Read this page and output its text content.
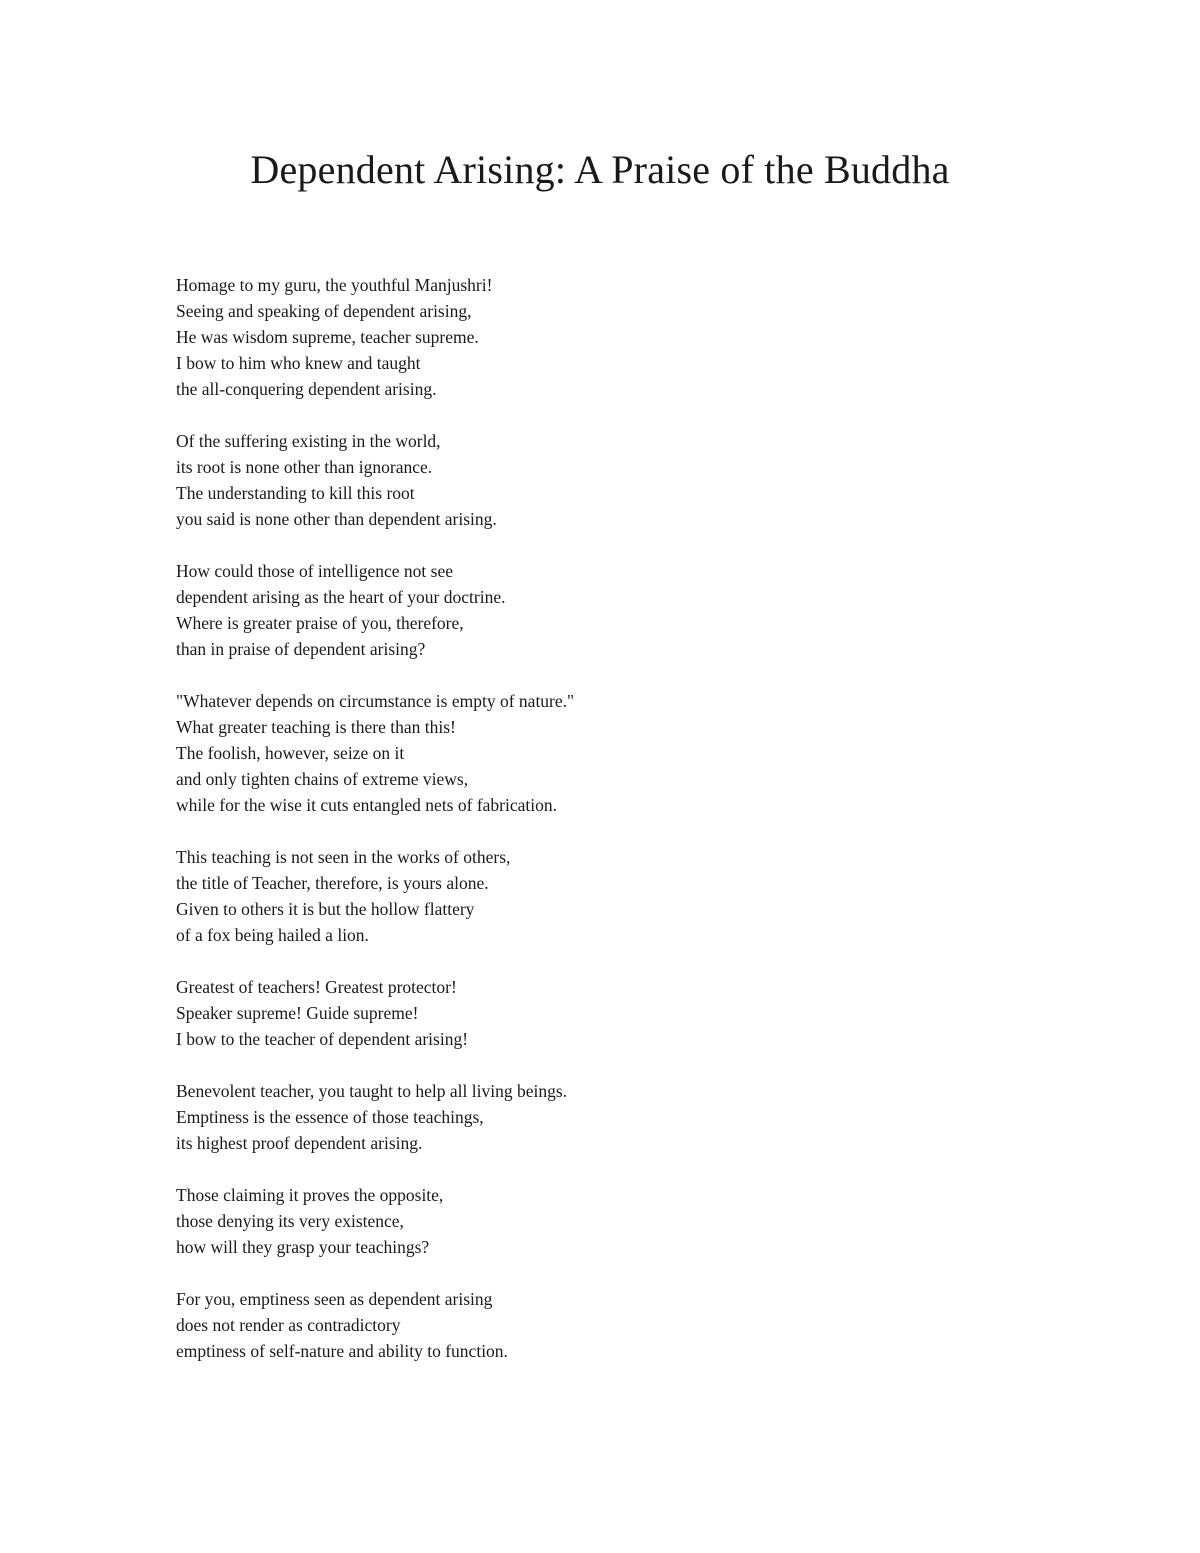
Dependent Arising: A Praise of the Buddha
Homage to my guru, the youthful Manjushri!
Seeing and speaking of dependent arising,
He was wisdom supreme, teacher supreme.
I bow to him who knew and taught
the all-conquering dependent arising.
Of the suffering existing in the world,
its root is none other than ignorance.
The understanding to kill this root
you said is none other than dependent arising.
How could those of intelligence not see
dependent arising as the heart of your doctrine.
Where is greater praise of you, therefore,
than in praise of dependent arising?
"Whatever depends on circumstance is empty of nature."
What greater teaching is there than this!
The foolish, however, seize on it
and only tighten chains of extreme views,
while for the wise it cuts entangled nets of fabrication.
This teaching is not seen in the works of others,
the title of Teacher, therefore, is yours alone.
Given to others it is but the hollow flattery
of a fox being hailed a lion.
Greatest of teachers! Greatest protector!
Speaker supreme! Guide supreme!
I bow to the teacher of dependent arising!
Benevolent teacher, you taught to help all living beings.
Emptiness is the essence of those teachings,
its highest proof dependent arising.
Those claiming it proves the opposite,
those denying its very existence,
how will they grasp your teachings?
For you, emptiness seen as dependent arising
does not render as contradictory
emptiness of self-nature and ability to function.
